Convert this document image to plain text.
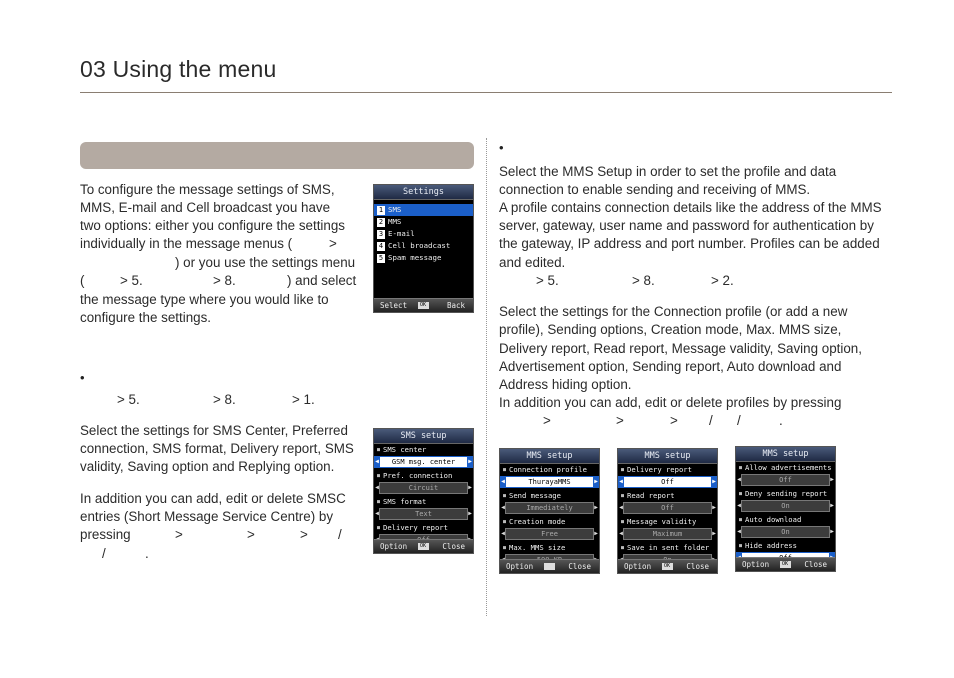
03 Using the menu

To configure the message settings of SMS,

MMS, E-mail and Cell broadcast you have

two options: either you configure the settings

individually in the message menus (	>

) or you use the settings menu

(	> 5.	> 8.	) and select

the message type where you would like to

configure the settings.

•

> 5.	> 8.	> 1.

Select the settings for SMS Center, Preferred

connection, SMS format, Delivery report, SMS

validity, Saving option and Replying option.

In addition you can add, edit or delete SMSC

entries (Short Message Service Centre) by

pressing	>	>	> /

/	.

•

Select the MMS Setup in order to set the profile and data

connection to enable sending and receiving of MMS.

A profile contains connection details like the address of the MMS

server, gateway, user name and password for authentication by

the gateway, IP address and port number. Profiles can be added

and edited.

> 5.	> 8.	> 2.

Select the settings for the Connection profile (or add a new

profile), Sending options, Creation mode, Max. MMS size,

Delivery report, Read report, Message validity, Saving option,

Advertisement option, Sending report, Auto download and

Address hiding option.

In addition you can add, edit or delete profiles by pressing

>	>	> / /	.

Settings
1 SMS
2 MMS
3 E-mail
4 Cell broadcast
5 Spam message
Select	OK	Back
SMS setup
■ SMS center
◀ GSM msg. center ▶
■ Pref. connection
◀	Circuit	▶
■ SMS format
◀	Text	▶
■ Delivery report
Option	OK	Close
MMS setup
■ Connection profile
◀	ThurayaMMS	▶
■ Send message
◀	Immediately	▶
■ Creation mode
◀	Free	▶
■ Max. MMS size
Option	Close
MMS setup
■ Delivery report
◀	Off	▶
■ Read report
◀	Off	▶
■ Message validity
◀	Maximum	▶
■ Save in sent folder
Option	OK	Close
MMS setup
■ Allow advertisements
◀	Off	▶
■ Deny sending report
◀	On	▶
■ Auto download
◀	On	▶
■ Hide address
Option	OK	Close
